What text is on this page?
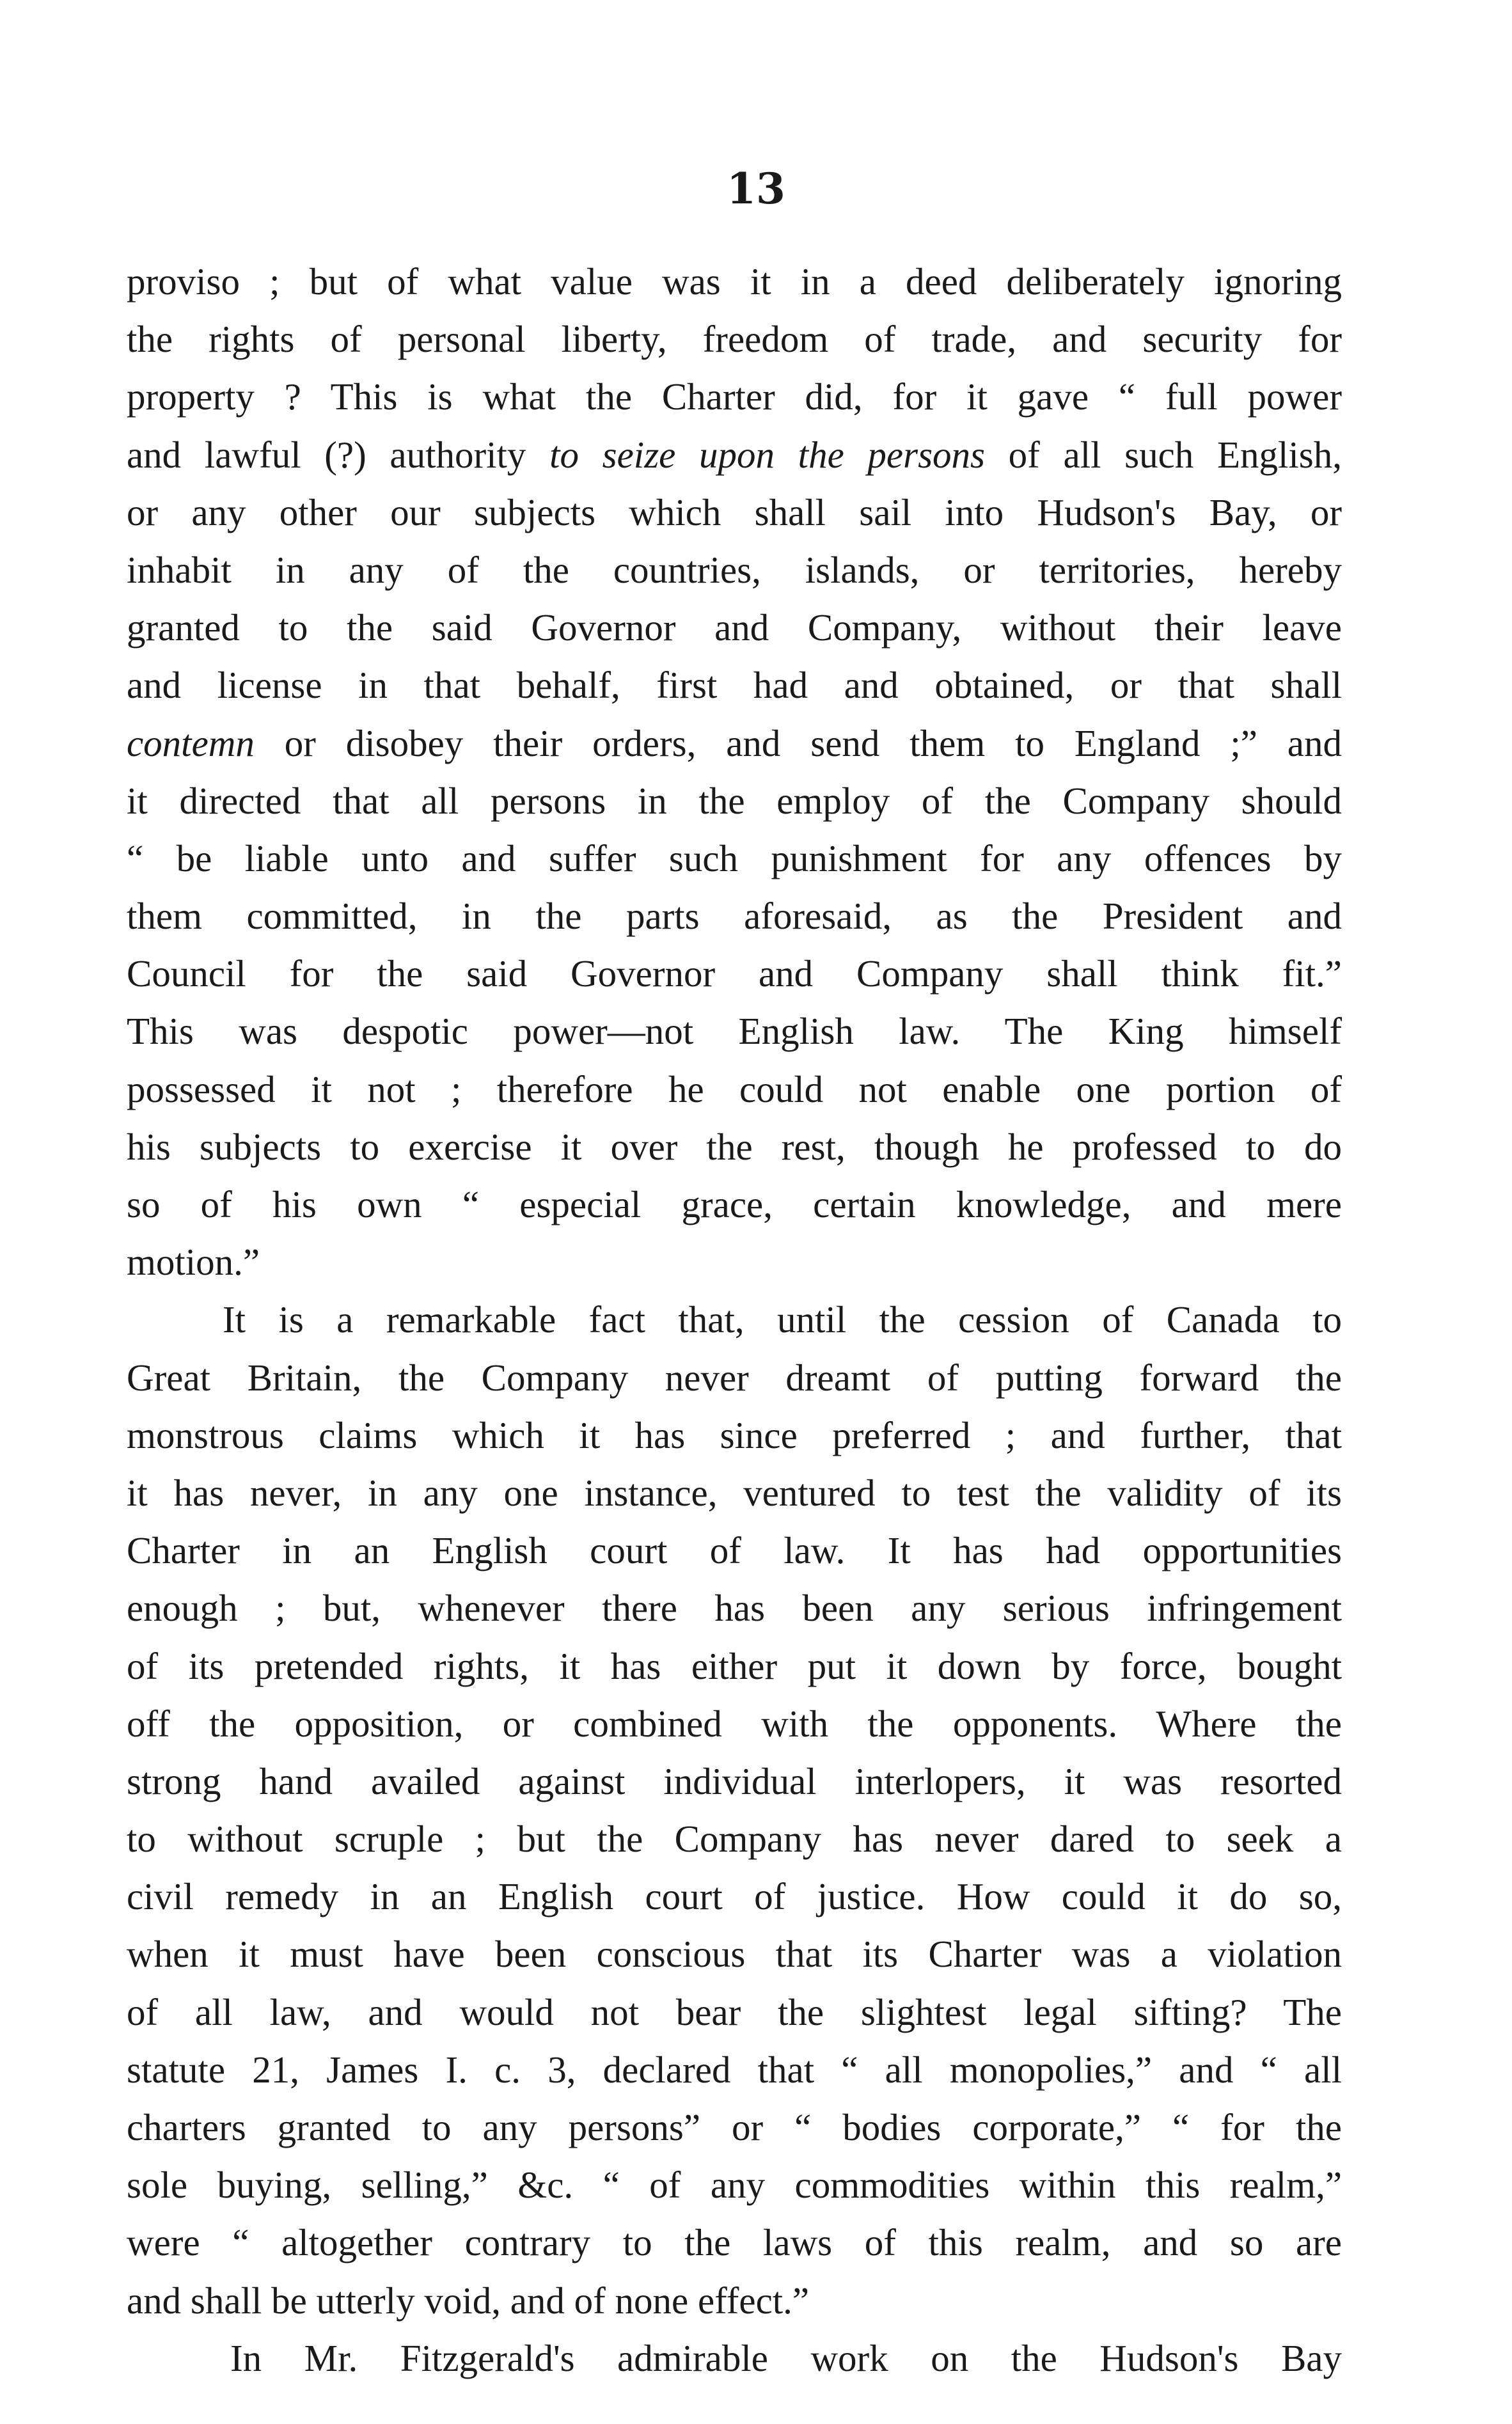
13
proviso ; but of what value was it in a deed deliberately ignoring
the rights of personal liberty, freedom of trade, and security for
property ? This is what the Charter did, for it gave “ full power
and lawful (?) authority to seize upon the persons of all such English,
or any other our subjects which shall sail into Hudson's Bay, or
inhabit in any of the countries, islands, or territories, hereby
granted to the said Governor and Company, without their leave
and license in that behalf, first had and obtained, or that shall
contemn or disobey their orders, and send them to England ;” and
it directed that all persons in the employ of the Company should
“ be liable unto and suffer such punishment for any offences by
them committed, in the parts aforesaid, as the President and
Council for the said Governor and Company shall think fit.”
This was despotic power—not English law. The King himself
possessed it not ; therefore he could not enable one portion of
his subjects to exercise it over the rest, though he professed to do
so of his own “ especial grace, certain knowledge, and mere
motion.”
It is a remarkable fact that, until the cession of Canada to
Great Britain, the Company never dreamt of putting forward the
monstrous claims which it has since preferred ; and further, that
it has never, in any one instance, ventured to test the validity of its
Charter in an English court of law. It has had opportunities
enough ; but, whenever there has been any serious infringement
of its pretended rights, it has either put it down by force, bought
off the opposition, or combined with the opponents. Where the
strong hand availed against individual interlopers, it was resorted
to without scruple ; but the Company has never dared to seek a
civil remedy in an English court of justice. How could it do so,
when it must have been conscious that its Charter was a violation
of all law, and would not bear the slightest legal sifting? The
statute 21, James I. c. 3, declared that “ all monopolies,” and “ all
charters granted to any persons” or “ bodies corporate,” “ for the
sole buying, selling,” &c. “ of any commodities within this realm,”
were “ altogether contrary to the laws of this realm, and so are
and shall be utterly void, and of none effect.”
In Mr. Fitzgerald's admirable work on the Hudson's Bay
